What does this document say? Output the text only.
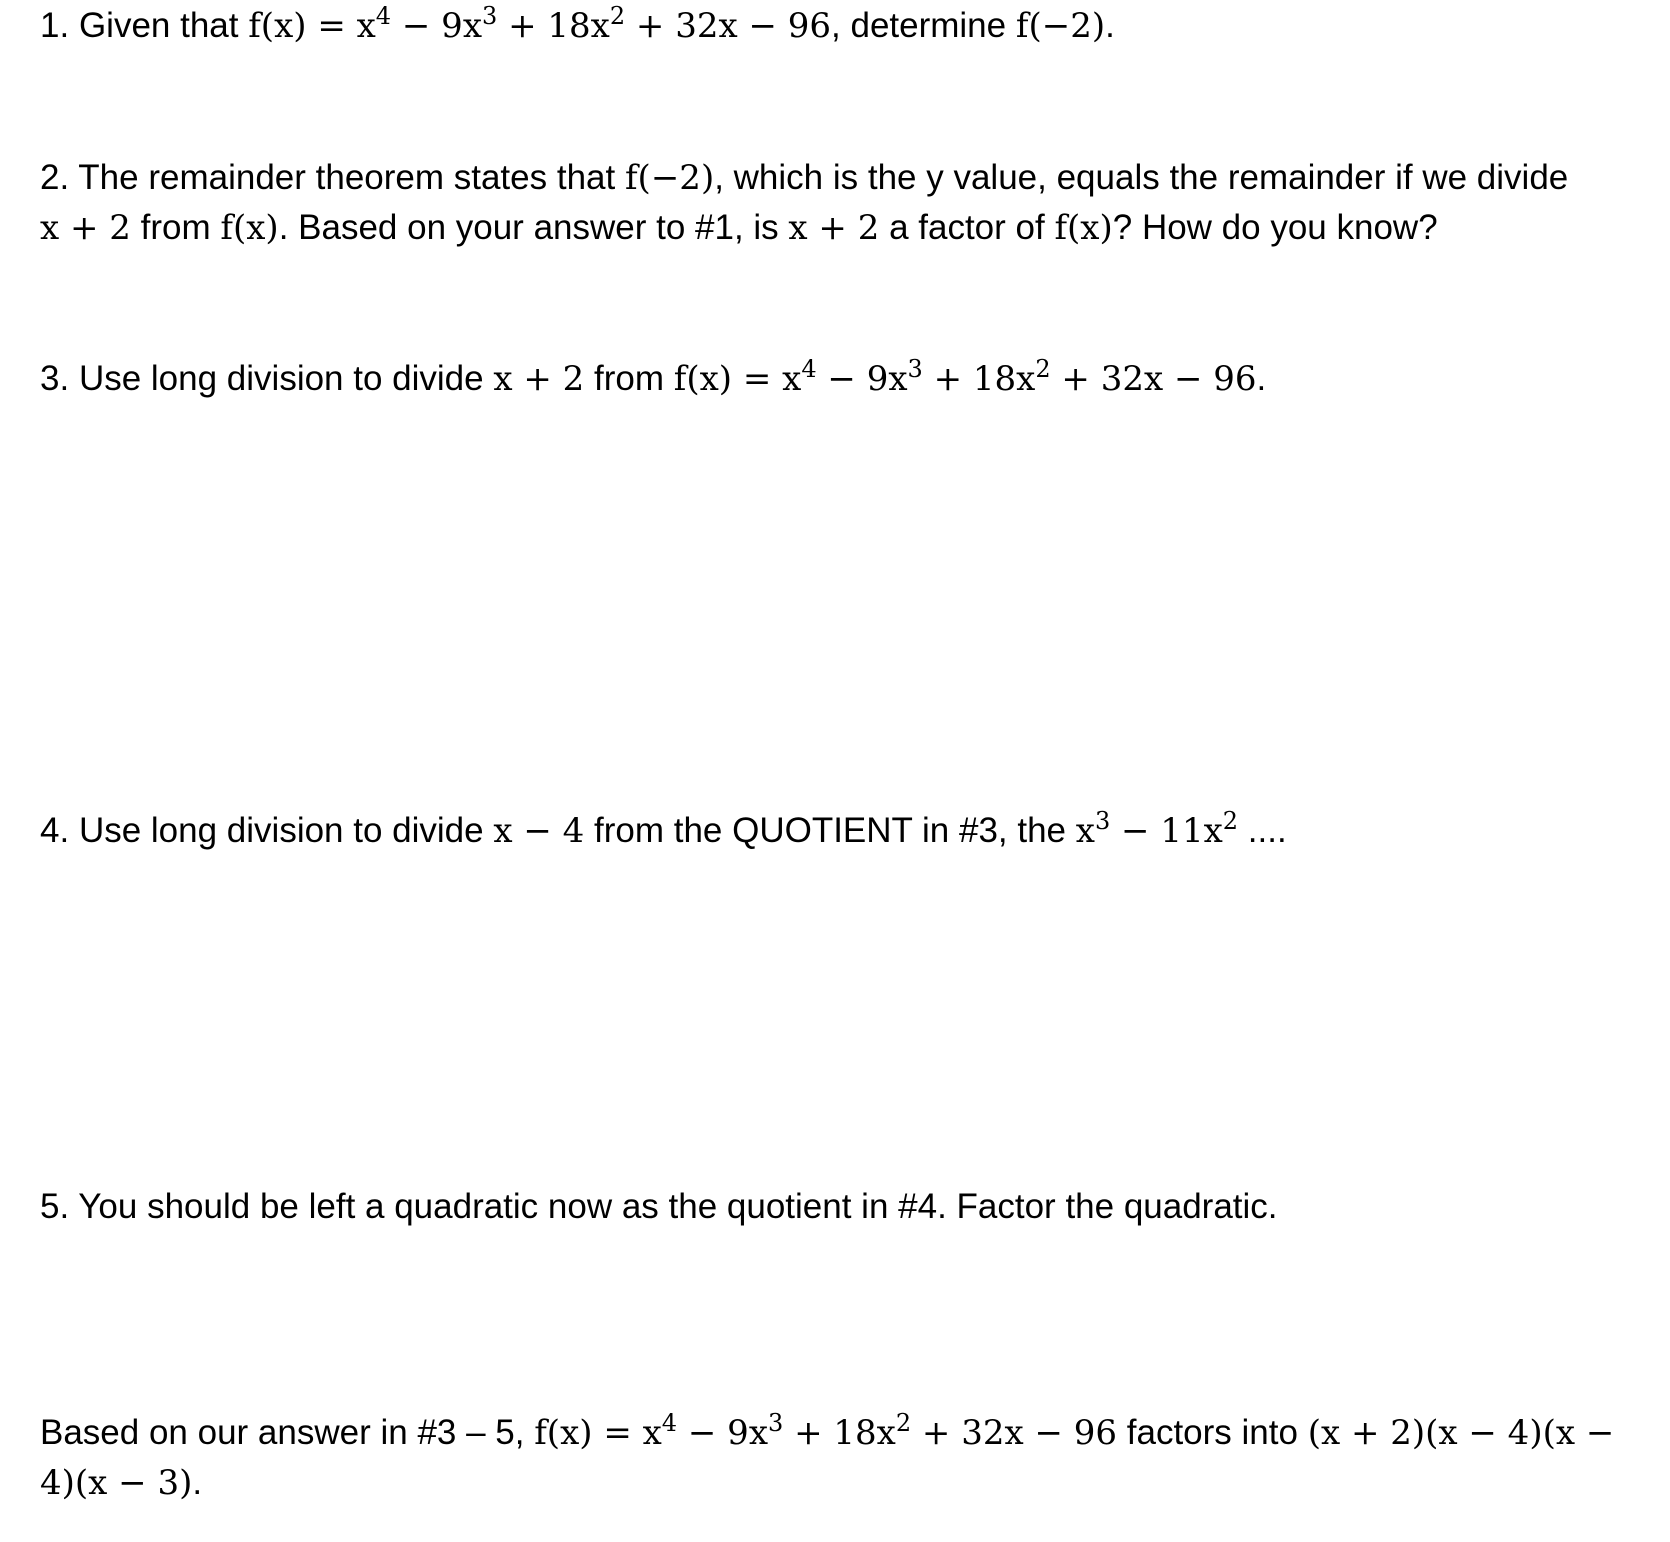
1. Given that $f(x) = x^4 - 9x^3 + 18x^2 + 32x - 96$, determine f(−2).

2. The remainder theorem states that f(−2), which is the y value, equals the remainder if we divide
x + 2 from f(x). Based on your answer to #1, is x + 2 a factor of f(x)? How do you know?

3. Use long division to divide x + 2 from $f(x) = x^4 - 9x^3 + 18x^2 + 32x - 96$.

4. Use long division to divide x − 4 from the QUOTIENT in #3, the $x^3 - 11x^2$ ....

5. You should be left a quadratic now as the quotient in #4. Factor the quadratic.

Based on our answer in #3 – 5, $f(x) = x^4 - 9x^3 + 18x^2 + 32x - 96$ factors into (x + 2)(x − 4)(x −
4)(x − 3).
